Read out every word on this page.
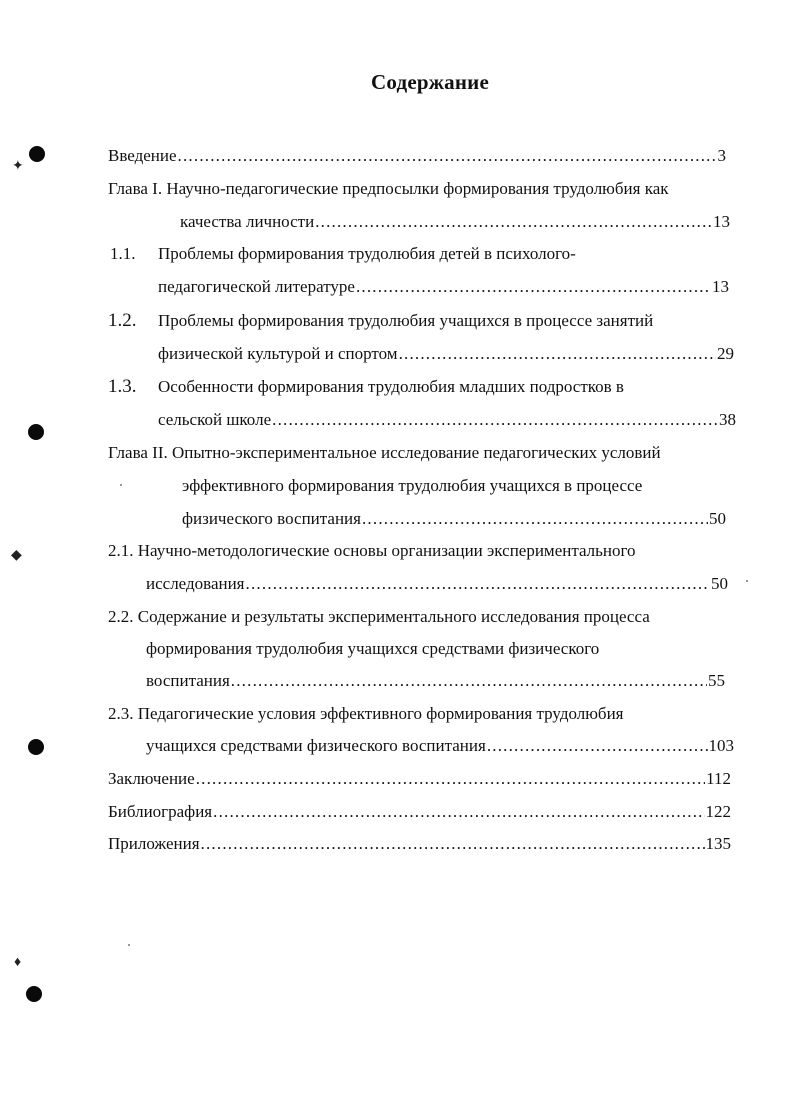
✦
◆
♦
Содержание
Введение .....	3
Глава I. Научно-педагогические предпосылки формирования трудолюбия как
качества личности .....	13
1.1. Проблемы формирования трудолюбия детей в психолого-
педагогической литературе .....	13
1.2. Проблемы формирования трудолюбия учащихся в процессе занятий
физической культурой и спортом .....	29
1.3. Особенности формирования трудолюбия младших подростков в
сельской школе .....	38
Глава II. Опытно-экспериментальное исследование педагогических условий
эффективного формирования трудолюбия учащихся в процессе
физического воспитания .....	50
2.1. Научно-методологические основы организации экспериментального
исследования .....	50
2.2. Содержание и результаты экспериментального исследования процесса
формирования трудолюбия учащихся средствами физического
воспитания .....	55
2.3. Педагогические условия эффективного формирования трудолюбия
учащихся средствами физического воспитания .....	103
Заключение .....	112
Библиография .....	122
Приложения .....	135
